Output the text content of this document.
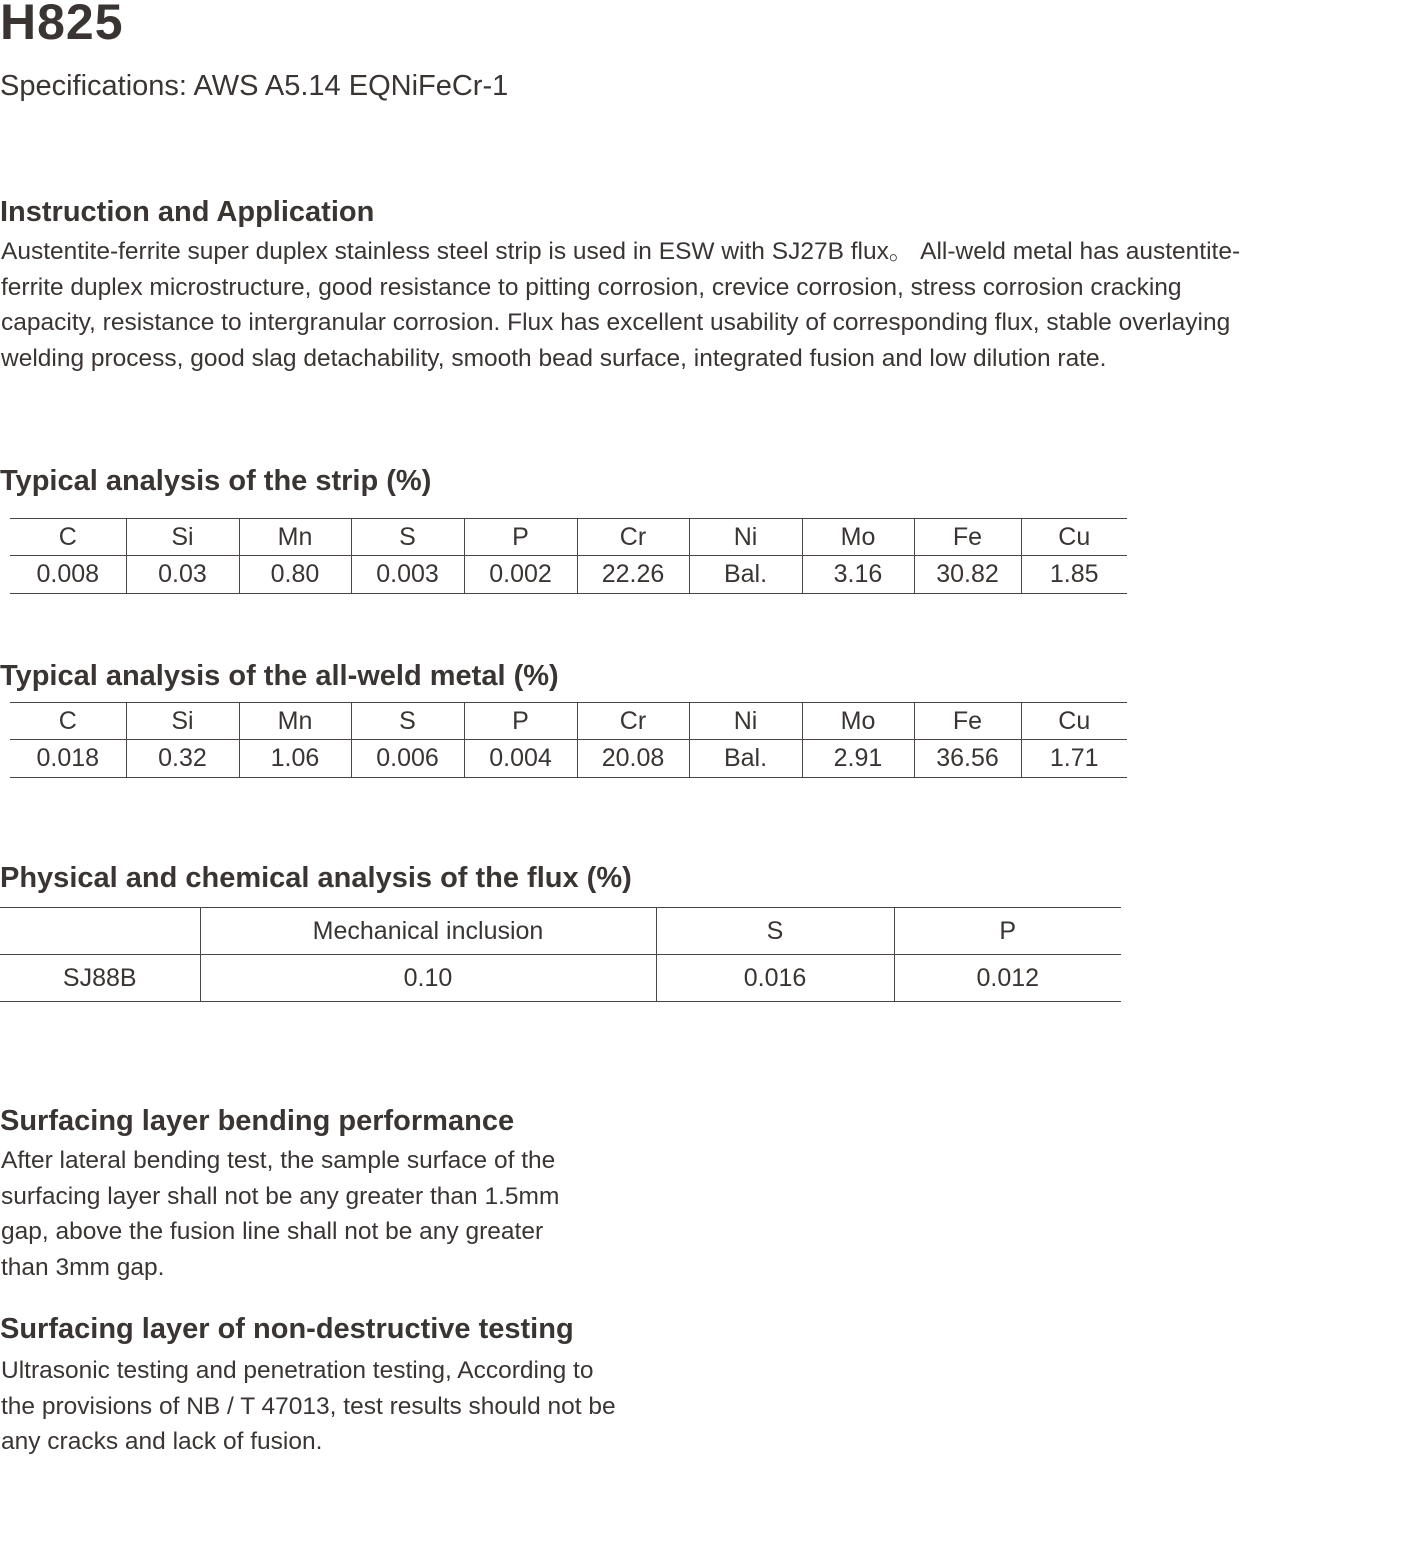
H825
Specifications: AWS A5.14 EQNiFeCr-1
Instruction and Application
Austentite-ferrite super duplex stainless steel strip is used in ESW with SJ27B flux。 All-weld metal has austentite-
ferrite duplex microstructure, good resistance to pitting corrosion, crevice corrosion, stress corrosion cracking
capacity, resistance to intergranular corrosion. Flux has excellent usability of corresponding flux, stable overlaying
welding process, good slag detachability, smooth bead surface, integrated fusion and low dilution rate.
Typical analysis of the strip (%)
C	Si	Mn	S	P	Cr	Ni	Mo	Fe	Cu
0.008	0.03	0.80	0.003	0.002	22.26	Bal.	3.16	30.82	1.85
Typical analysis of the all-weld metal (%)
C	Si	Mn	S	P	Cr	Ni	Mo	Fe	Cu
0.018	0.32	1.06	0.006	0.004	20.08	Bal.	2.91	36.56	1.71
Physical and chemical analysis of the flux (%)
	Mechanical inclusion	S	P
SJ88B	0.10	0.016	0.012
Surfacing layer bending performance
After lateral bending test, the sample surface of the
surfacing layer shall not be any greater than 1.5mm
gap, above the fusion line shall not be any greater
than 3mm gap.
Surfacing layer of non-destructive testing
Ultrasonic testing and penetration testing, According to
the provisions of NB / T 47013, test results should not be
any cracks and lack of fusion.
